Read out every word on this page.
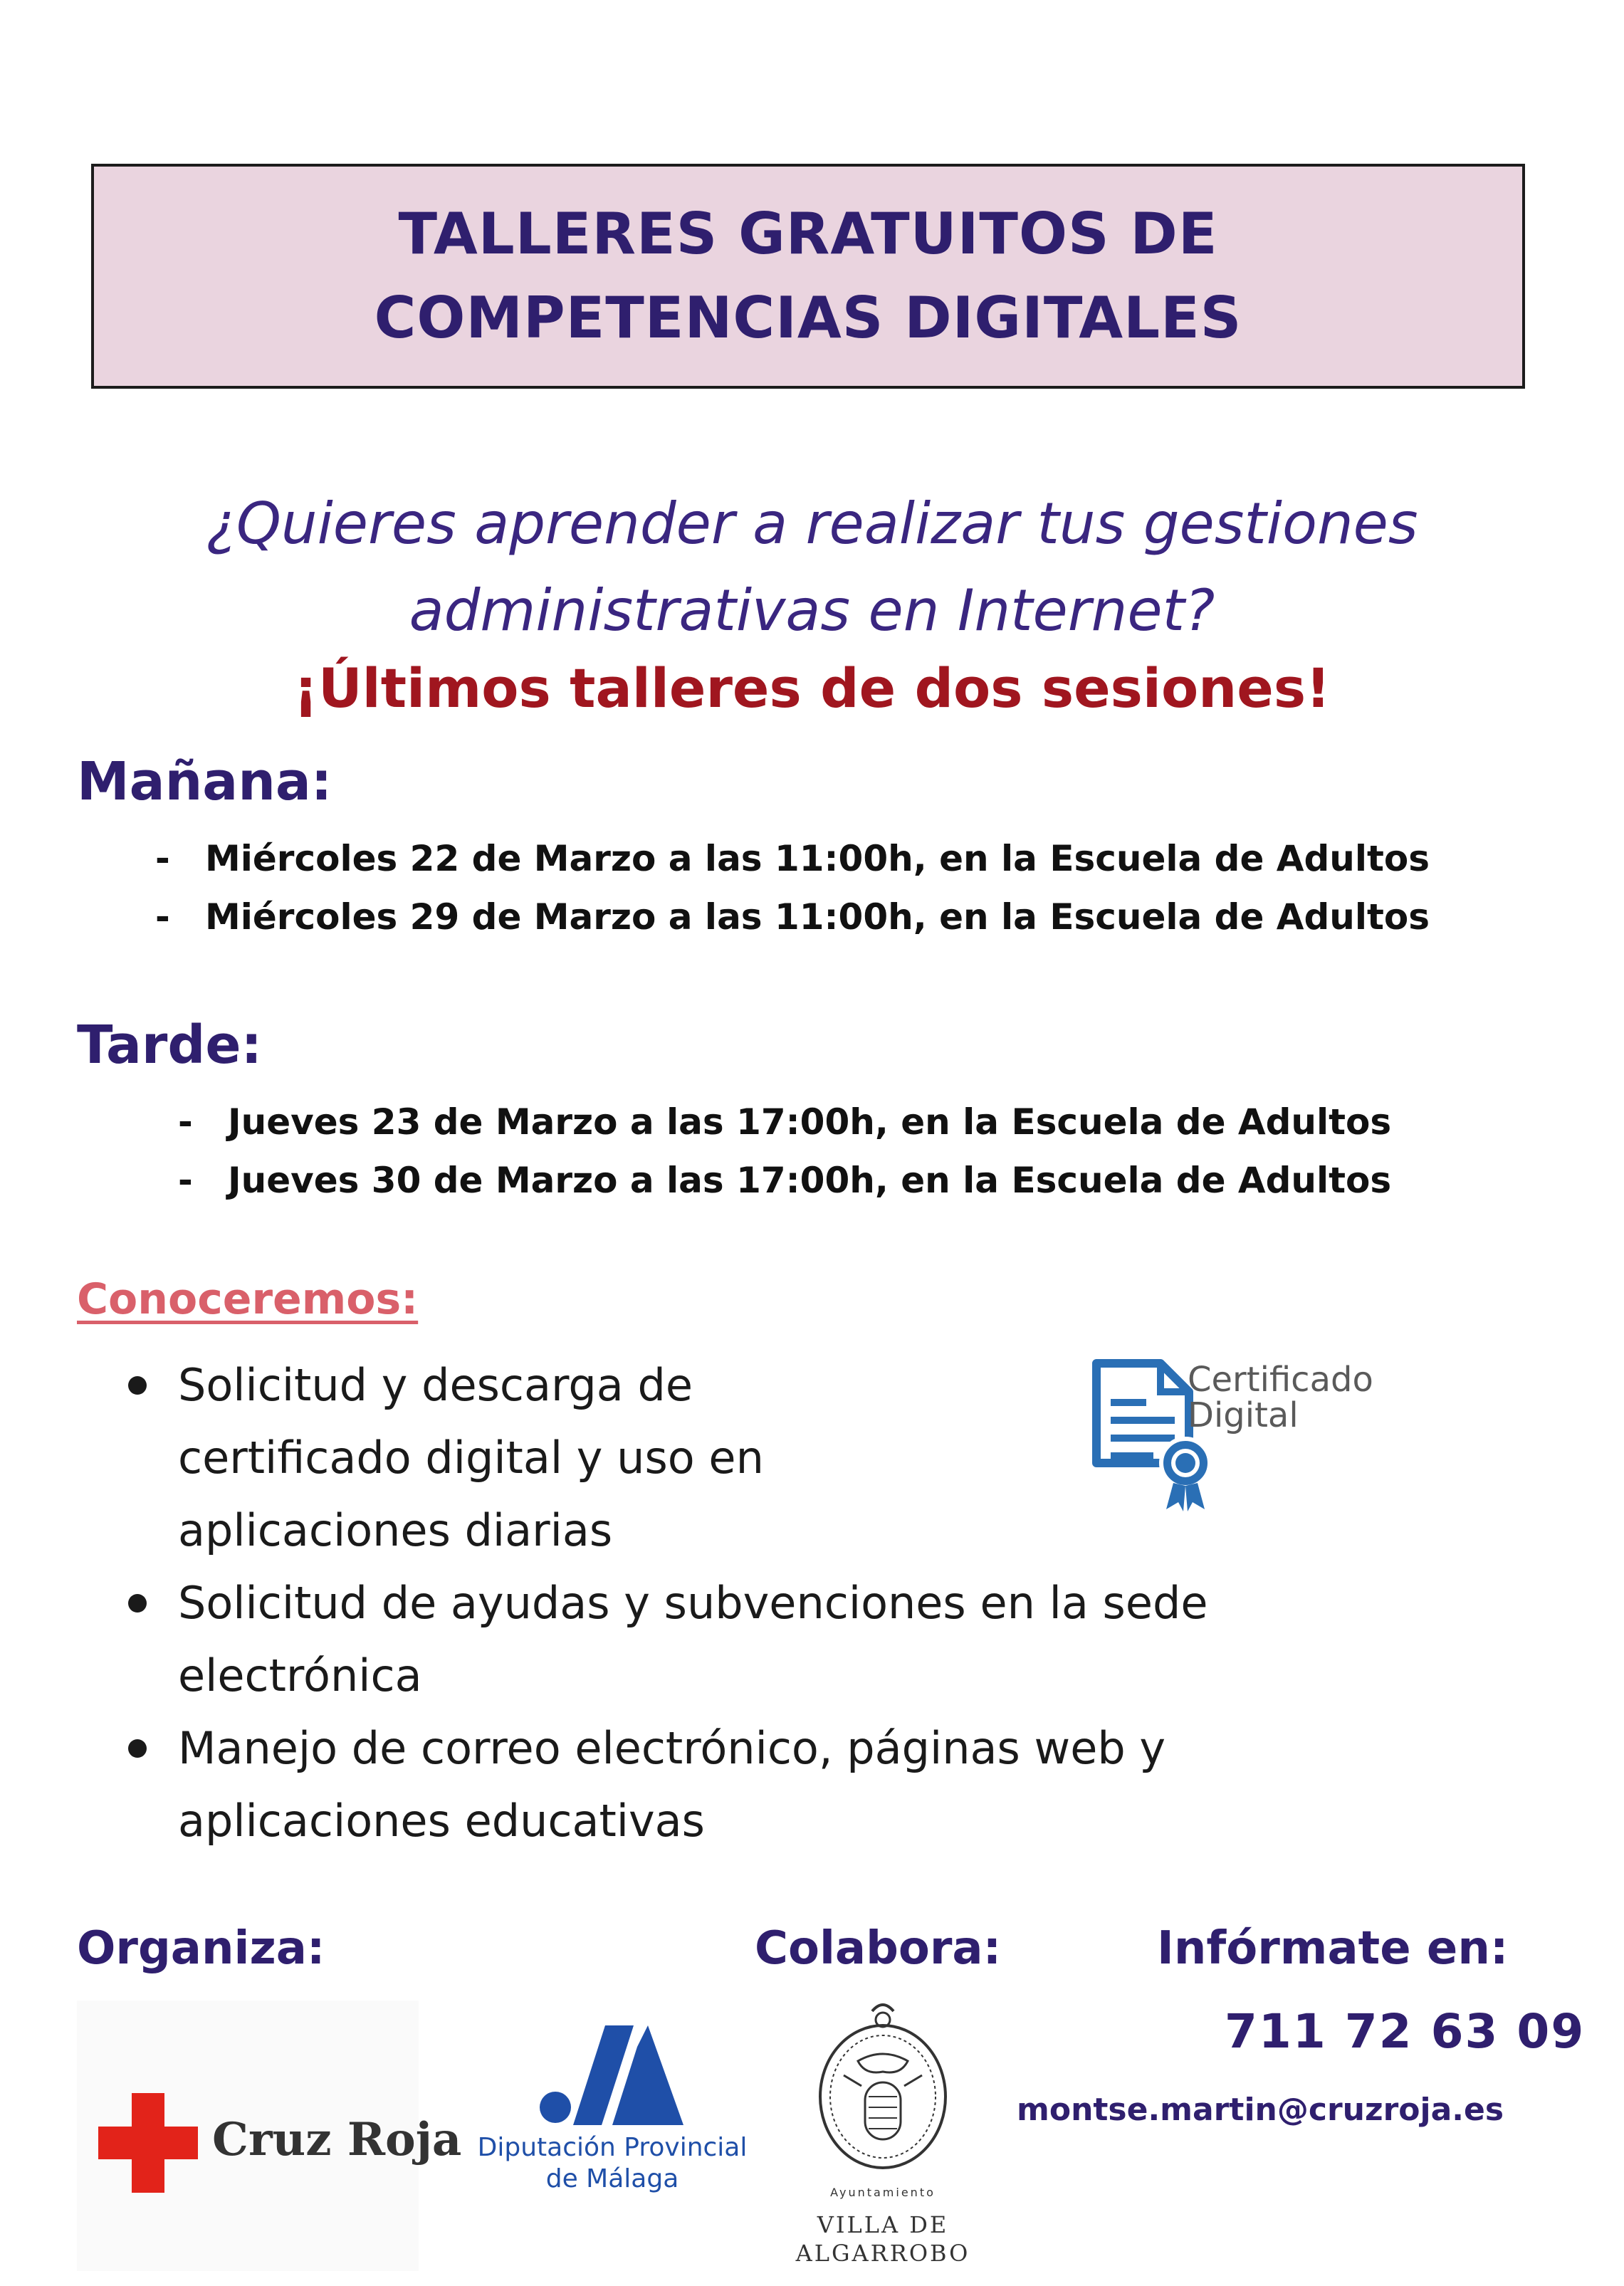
TALLERES GRATUITOS DE
COMPETENCIAS DIGITALES
¿Quieres aprender a realizar tus gestiones
administrativas en Internet?
¡Últimos talleres de dos sesiones!
Mañana:
- Miércoles 22 de Marzo a las 11:00h, en la Escuela de Adultos
- Miércoles 29 de Marzo a las 11:00h, en la Escuela de Adultos
Tarde:
- Jueves 23 de Marzo a las 17:00h, en la Escuela de Adultos
- Jueves 30 de Marzo a las 17:00h, en la Escuela de Adultos
Conoceremos:
Solicitud y descarga de
certificado digital y uso en
aplicaciones diarias
Solicitud de ayudas y subvenciones en la sede
electrónica
Manejo de correo electrónico, páginas web y
aplicaciones educativas
Certificado
Digital
Organiza:	Colabora:	Infórmate en:
711 72 63 09
montse.martin@cruzroja.es
Cruz Roja Diputación Provincial
de Málaga	Ayuntamiento
VILLA DE
ALGARROBO
